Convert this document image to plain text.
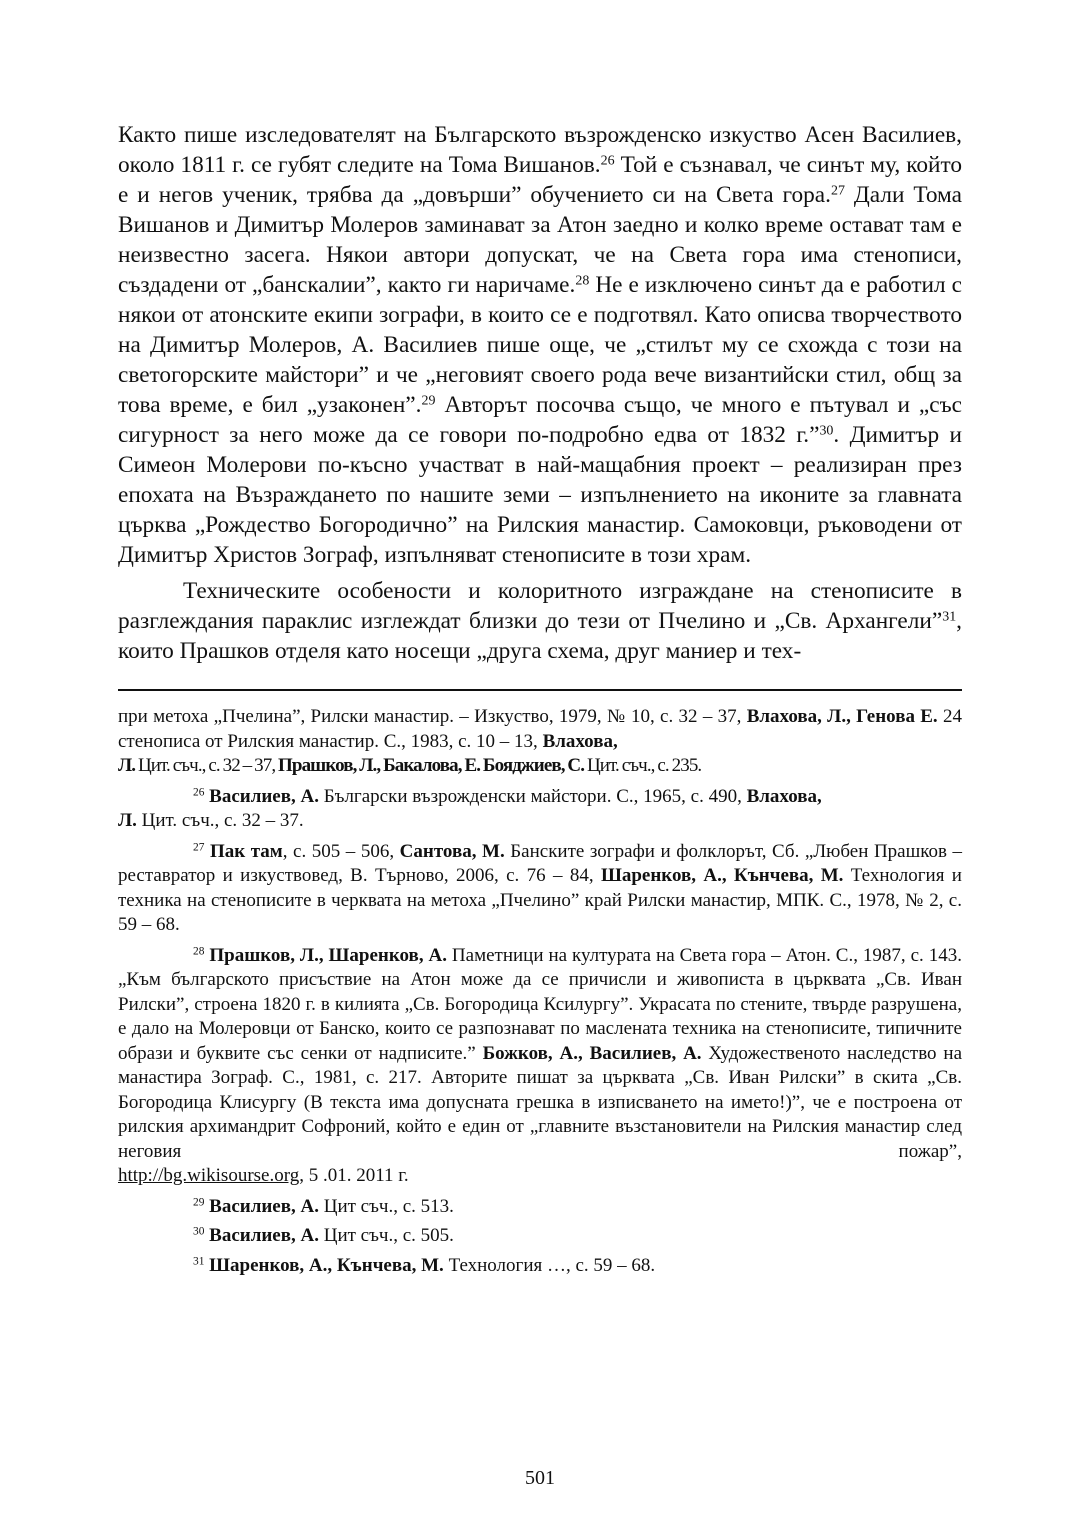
Както пише изследователят на Българското възрожденско изкуство Асен Василиев, около 1811 г. се губят следите на Тома Вишанов.$^{26}$ Той е съзнавал, че синът му, който е и негов ученик, трябва да „довърши” обучението си на Света гора.$^{27}$ Дали Тома Вишанов и Димитър Молеров заминават за Атон заедно и колко време остават там е неизвестно засега. Някои автори допускат, че на Света гора има стенописи, създадени от „банскалии”, както ги наричаме.$^{28}$ Не е изключено синът да е работил с някои от атонските екипи зографи, в които се е подготвял. Като описва творчеството на Димитър Молеров, А. Василиев пише още, че „стилът му се схожда с този на светогорските майстори” и че „неговият своего рода вече византийски стил, общ за това време, е бил „узаконен”.$^{29}$ Авторът посочва също, че много е пътувал и „със сигурност за него може да се говори по-подробно едва от 1832 г.”$^{30}$. Димитър и Симеон Молерови по-късно участват в най-мащабния проект – реализиран през епохата на Възраждането по нашите земи – изпълнението на иконите за главната църква „Рождество Богородично” на Рилския манастир. Самоковци, ръководени от Димитър Христов Зограф, изпълняват стенописите в този храм.

Техническите особености и колоритното изграждане на стенописите в разглеждания параклис изглеждат близки до тези от Пчелино и „Св. Архангели”$^{31}$, които Прашков отделя като носещи „друга схема, друг маниер и тех-

при метоха „Пчелина”, Рилски манастир. – Изкуство, 1979, № 10, с. 32 – 37, Влахова, Л., Генова Е. 24 стенописа от Рилския манастир. С., 1983, с. 10 – 13, Влахова,
Л. Цит. съч., с. 32 – 37, Прашков, Л., Бакалова, Е. Бояджиев, С. Цит. съч., с. 235.

$^{26}$ Василиев, А. Български възрожденски майстори. С., 1965, с. 490, Влахова,
Л. Цит. съч., с. 32 – 37.

$^{27}$ Пак там, с. 505 – 506, Сантова, М. Банските зографи и фолклорът, Сб. „Любен Прашков – реставратор и изкуствовед, В. Търново, 2006, с. 76 – 84, Шаренков, А., Кънчева, М. Технология и техника на стенописите в черквата на метоха „Пчелино” край Рилски манастир, МПК. С., 1978, № 2, с. 59 – 68.

$^{28}$ Прашков, Л., Шаренков, А. Паметници на културата на Света гора – Атон. С., 1987, с. 143. „Към българското присъствие на Атон може да се причисли и живописта в църквата „Св. Иван Рилски”, строена 1820 г. в килията „Св. Богородица Ксилургу”. Украсата по стените, твърде разрушена, е дало на Молеровци от Банско, които се разпознават по маслената техника на стенописите, типичните образи и буквите със сенки от надписите.” Божков, А., Василиев, А. Художественото наследство на манастира Зограф. С., 1981, с. 217. Авторите пишат за църквата „Св. Иван Рилски” в скита „Св. Богородица Клисургу (В текста има допусната грешка в изписването на името!)”, че е построена от рилския архимандрит Софроний, който е един от „главните възстановители на Рилския манастир след неговия пожар”,

http://bg.wikisourse.org, 5 .01. 2011 г.

$^{29}$ Василиев, А. Цит съч., с. 513.

$^{30}$ Василиев, А. Цит съч., с. 505.

$^{31}$ Шаренков, А., Кънчева, М. Технология …, с. 59 – 68.

501
